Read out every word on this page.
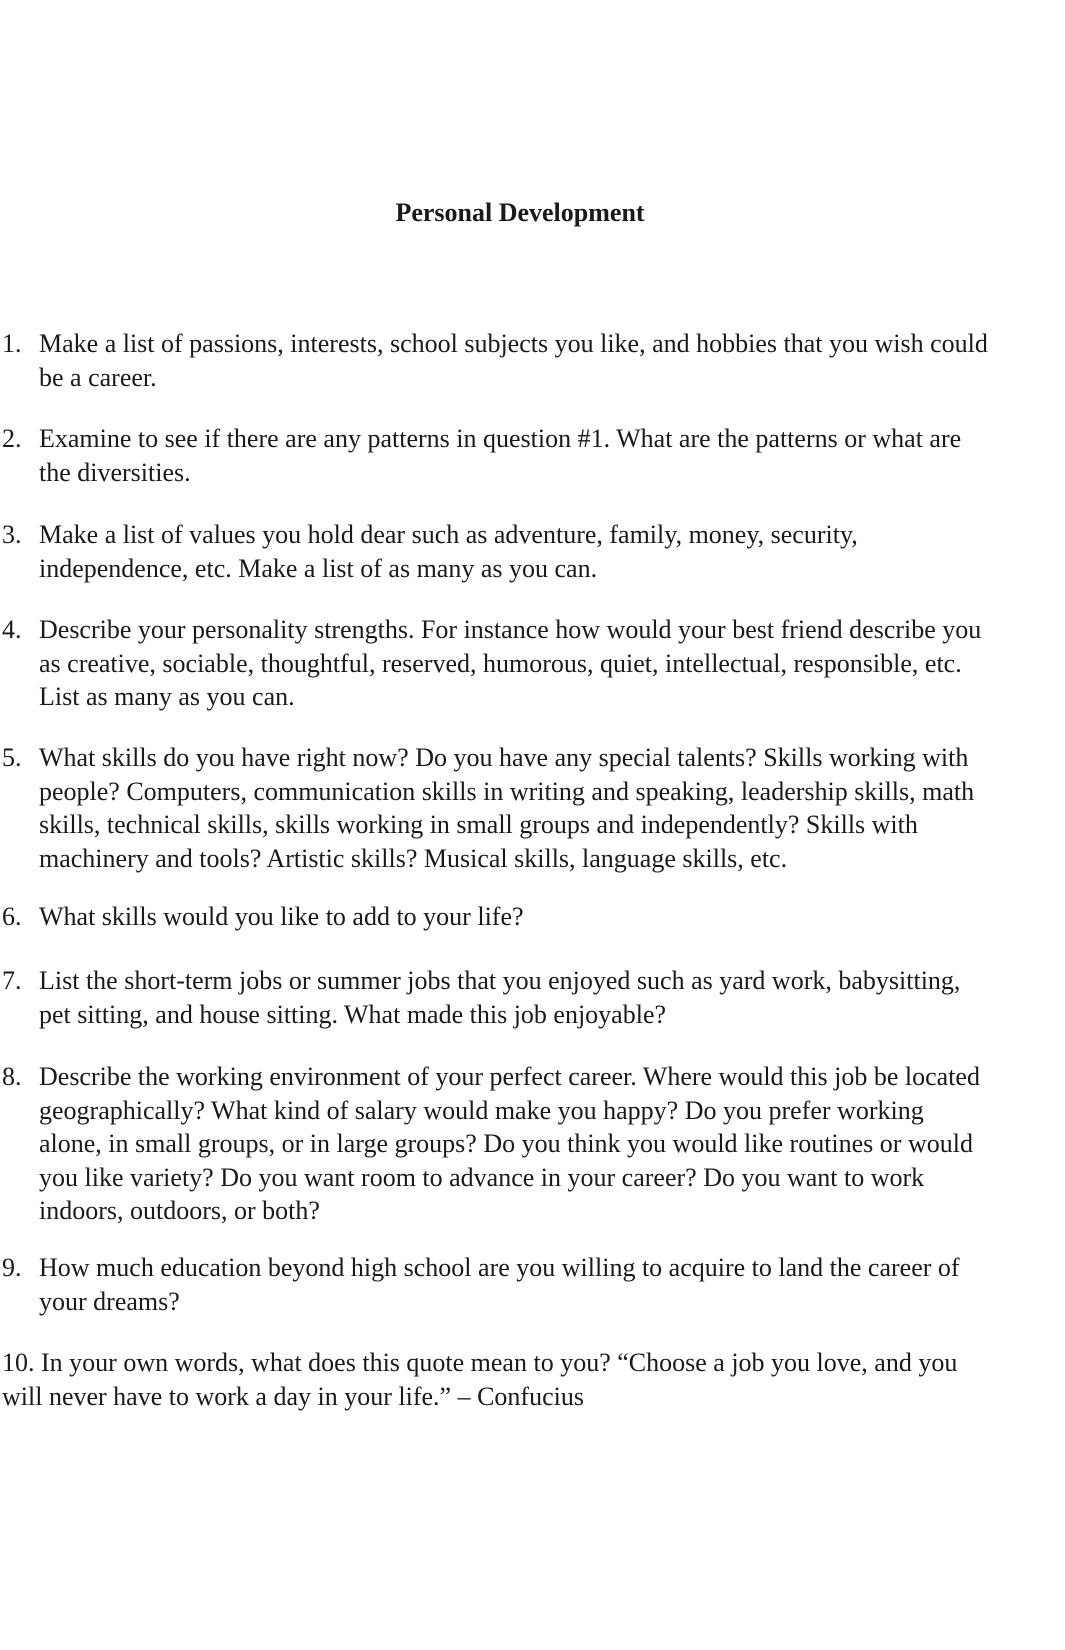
Personal Development
1. Make a list of passions, interests, school subjects you like, and hobbies that you wish could
be a career.
2. Examine to see if there are any patterns in question #1. What are the patterns or what are
the diversities.
3. Make a list of values you hold dear such as adventure, family, money, security,
independence, etc. Make a list of as many as you can.
4. Describe your personality strengths. For instance how would your best friend describe you
as creative, sociable, thoughtful, reserved, humorous, quiet, intellectual, responsible, etc.
List as many as you can.
5. What skills do you have right now? Do you have any special talents? Skills working with
people? Computers, communication skills in writing and speaking, leadership skills, math
skills, technical skills, skills working in small groups and independently? Skills with
machinery and tools? Artistic skills? Musical skills, language skills, etc.
6. What skills would you like to add to your life?
7. List the short-term jobs or summer jobs that you enjoyed such as yard work, babysitting,
pet sitting, and house sitting. What made this job enjoyable?
8. Describe the working environment of your perfect career. Where would this job be located
geographically? What kind of salary would make you happy? Do you prefer working
alone, in small groups, or in large groups? Do you think you would like routines or would
you like variety? Do you want room to advance in your career? Do you want to work
indoors, outdoors, or both?
9. How much education beyond high school are you willing to acquire to land the career of
your dreams?
10. In your own words, what does this quote mean to you? “Choose a job you love, and you
will never have to work a day in your life.” – Confucius
